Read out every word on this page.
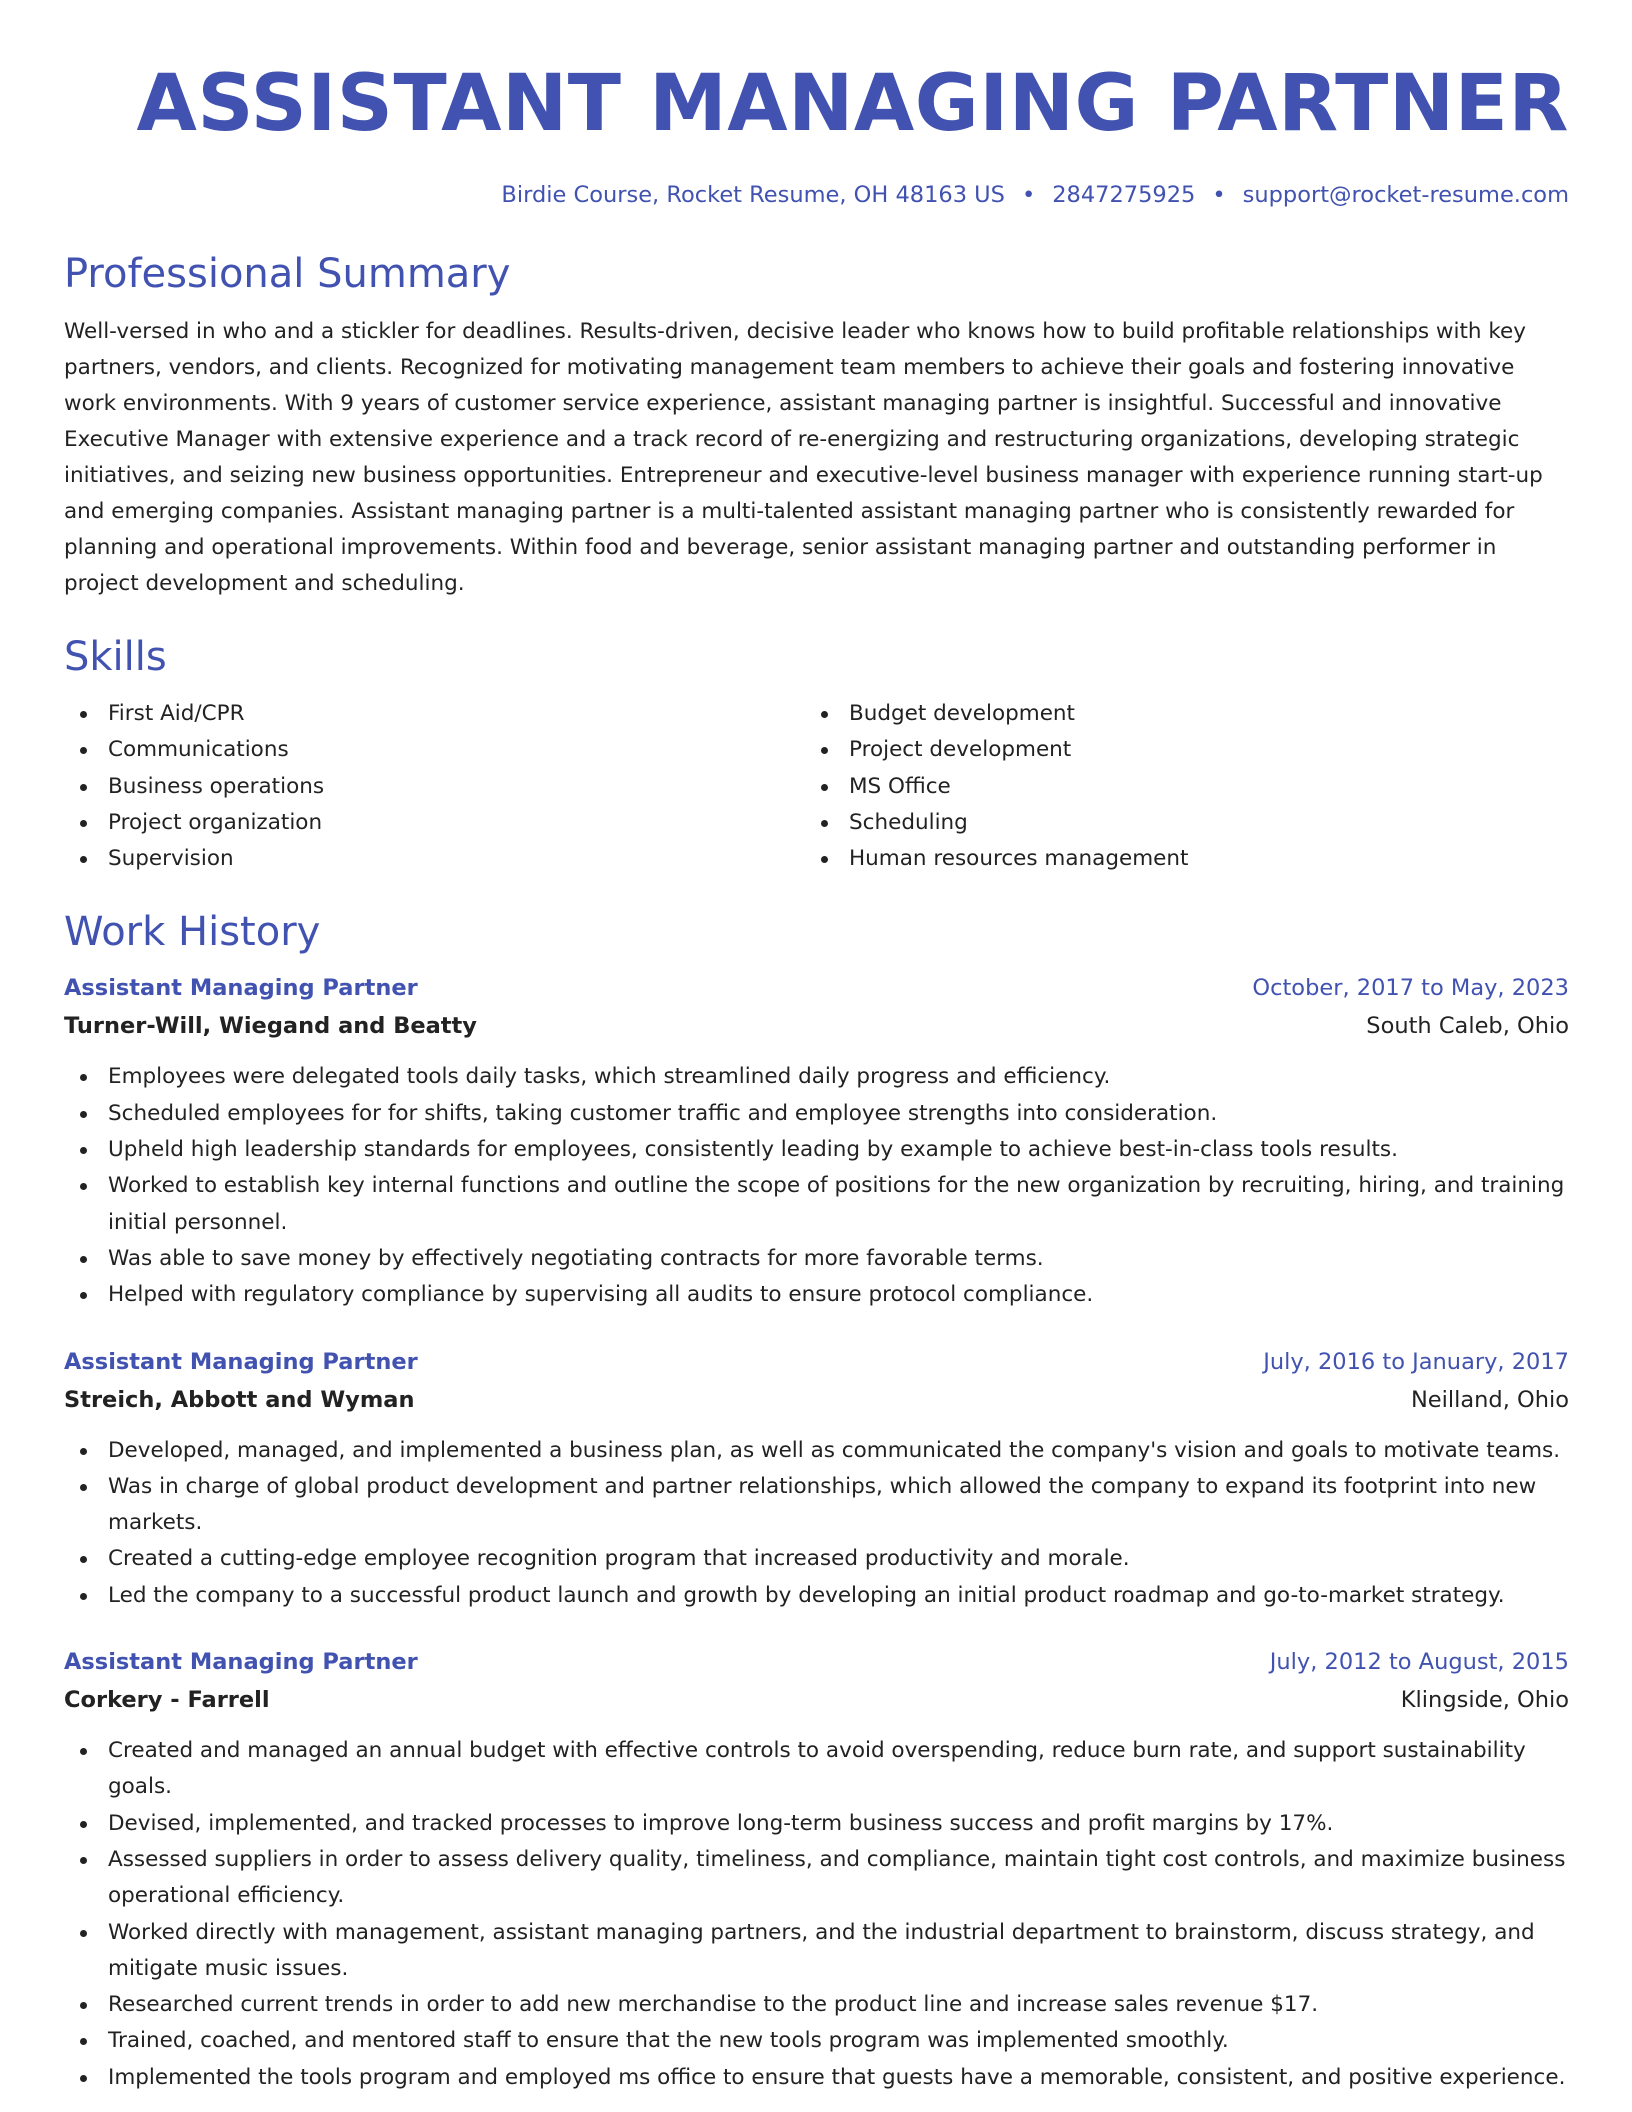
ASSISTANT MANAGING PARTNER
Birdie Course, Rocket Resume, OH 48163 US • 2847275925 • support@rocket-resume.com
Professional Summary
Well-versed in who and a stickler for deadlines. Results-driven, decisive leader who knows how to build profitable relationships with key partners, vendors, and clients. Recognized for motivating management team members to achieve their goals and fostering innovative work environments. With 9 years of customer service experience, assistant managing partner is insightful. Successful and innovative Executive Manager with extensive experience and a track record of re-energizing and restructuring organizations, developing strategic initiatives, and seizing new business opportunities. Entrepreneur and executive-level business manager with experience running start-up and emerging companies. Assistant managing partner is a multi-talented assistant managing partner who is consistently rewarded for planning and operational improvements. Within food and beverage, senior assistant managing partner and outstanding performer in project development and scheduling.
Skills
First Aid/CPR
Communications
Business operations
Project organization
Supervision
Budget development
Project development
MS Office
Scheduling
Human resources management
Work History
Assistant Managing Partner	October, 2017 to May, 2023
Turner-Will, Wiegand and Beatty	South Caleb, Ohio
Employees were delegated tools daily tasks, which streamlined daily progress and efficiency.
Scheduled employees for for shifts, taking customer traffic and employee strengths into consideration.
Upheld high leadership standards for employees, consistently leading by example to achieve best-in-class tools results.
Worked to establish key internal functions and outline the scope of positions for the new organization by recruiting, hiring, and training initial personnel.
Was able to save money by effectively negotiating contracts for more favorable terms.
Helped with regulatory compliance by supervising all audits to ensure protocol compliance.
Assistant Managing Partner	July, 2016 to January, 2017
Streich, Abbott and Wyman	Neilland, Ohio
Developed, managed, and implemented a business plan, as well as communicated the company's vision and goals to motivate teams.
Was in charge of global product development and partner relationships, which allowed the company to expand its footprint into new markets.
Created a cutting-edge employee recognition program that increased productivity and morale.
Led the company to a successful product launch and growth by developing an initial product roadmap and go-to-market strategy.
Assistant Managing Partner	July, 2012 to August, 2015
Corkery - Farrell	Klingside, Ohio
Created and managed an annual budget with effective controls to avoid overspending, reduce burn rate, and support sustainability goals.
Devised, implemented, and tracked processes to improve long-term business success and profit margins by 17%.
Assessed suppliers in order to assess delivery quality, timeliness, and compliance, maintain tight cost controls, and maximize business operational efficiency.
Worked directly with management, assistant managing partners, and the industrial department to brainstorm, discuss strategy, and mitigate music issues.
Researched current trends in order to add new merchandise to the product line and increase sales revenue $17.
Trained, coached, and mentored staff to ensure that the new tools program was implemented smoothly.
Implemented the tools program and employed ms office to ensure that guests have a memorable, consistent, and positive experience.
